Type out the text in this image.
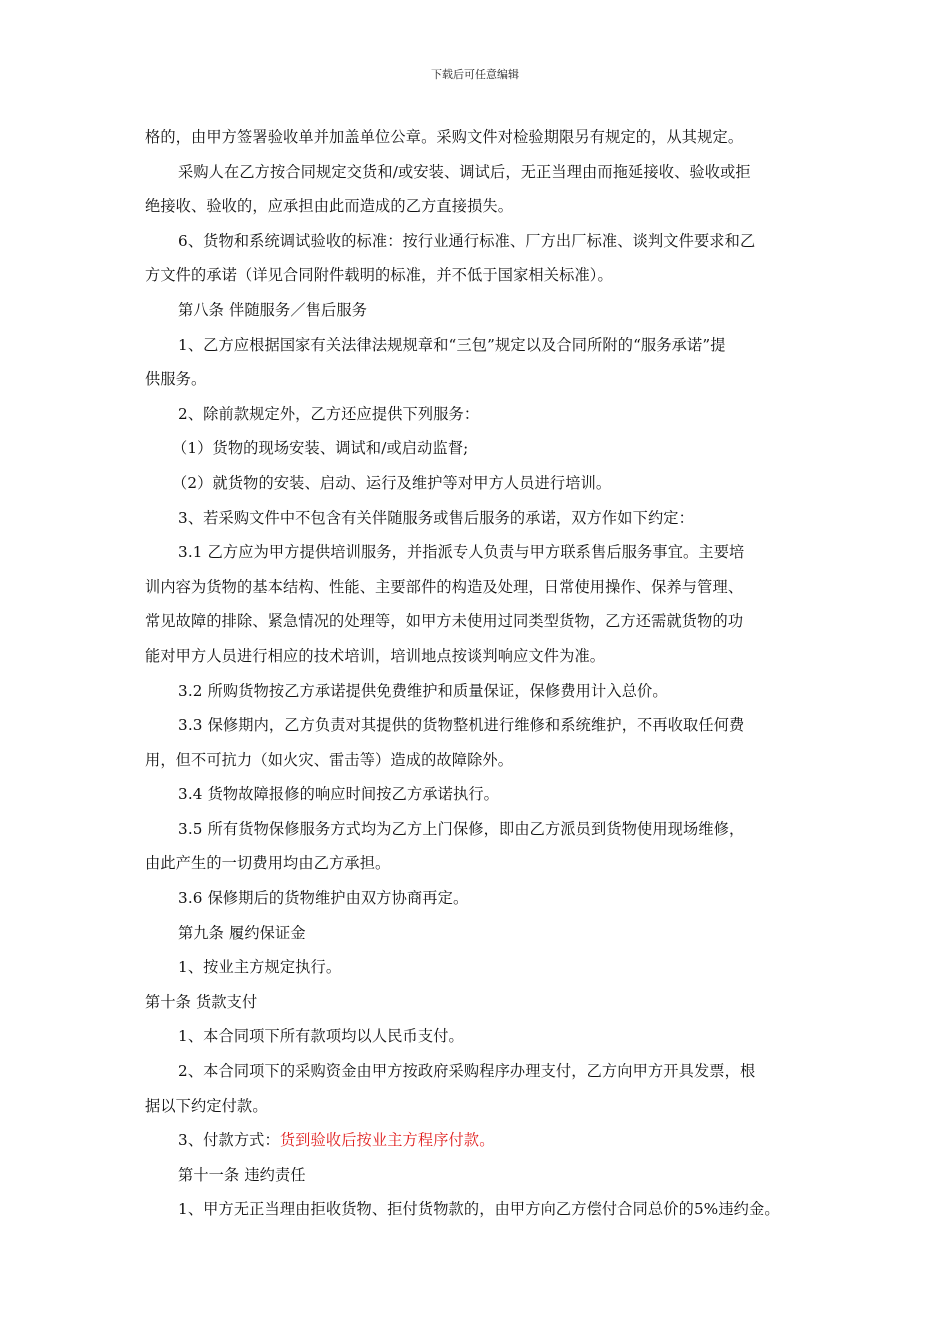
下载后可任意编辑
格的，由甲方签署验收单并加盖单位公章。采购文件对检验期限另有规定的，从其规定。
采购人在乙方按合同规定交货和/或安装、调试后，无正当理由而拖延接收、验收或拒
绝接收、验收的，应承担由此而造成的乙方直接损失。
6、货物和系统调试验收的标准：按行业通行标准、厂方出厂标准、谈判文件要求和乙
方文件的承诺（详见合同附件载明的标准，并不低于国家相关标准）。
第八条 伴随服务／售后服务
1、乙方应根据国家有关法律法规规章和“三包”规定以及合同所附的“服务承诺”提
供服务。
2、除前款规定外，乙方还应提供下列服务：
（1）货物的现场安装、调试和/或启动监督;
（2）就货物的安装、启动、运行及维护等对甲方人员进行培训。
3、若采购文件中不包含有关伴随服务或售后服务的承诺，双方作如下约定：
3.1 乙方应为甲方提供培训服务，并指派专人负责与甲方联系售后服务事宜。主要培
训内容为货物的基本结构、性能、主要部件的构造及处理，日常使用操作、保养与管理、
常见故障的排除、紧急情况的处理等，如甲方未使用过同类型货物，乙方还需就货物的功
能对甲方人员进行相应的技术培训，培训地点按谈判响应文件为准。
3.2 所购货物按乙方承诺提供免费维护和质量保证，保修费用计入总价。
3.3 保修期内，乙方负责对其提供的货物整机进行维修和系统维护，不再收取任何费
用，但不可抗力（如火灾、雷击等）造成的故障除外。
3.4 货物故障报修的响应时间按乙方承诺执行。
3.5 所有货物保修服务方式均为乙方上门保修，即由乙方派员到货物使用现场维修，
由此产生的一切费用均由乙方承担。
3.6 保修期后的货物维护由双方协商再定。
第九条 履约保证金
1、按业主方规定执行。
第十条 货款支付
1、本合同项下所有款项均以人民币支付。
2、本合同项下的采购资金由甲方按政府采购程序办理支付，乙方向甲方开具发票，根
据以下约定付款。
3、付款方式：货到验收后按业主方程序付款。
第十一条 违约责任
1、甲方无正当理由拒收货物、拒付货物款的，由甲方向乙方偿付合同总价的5%违约金。
